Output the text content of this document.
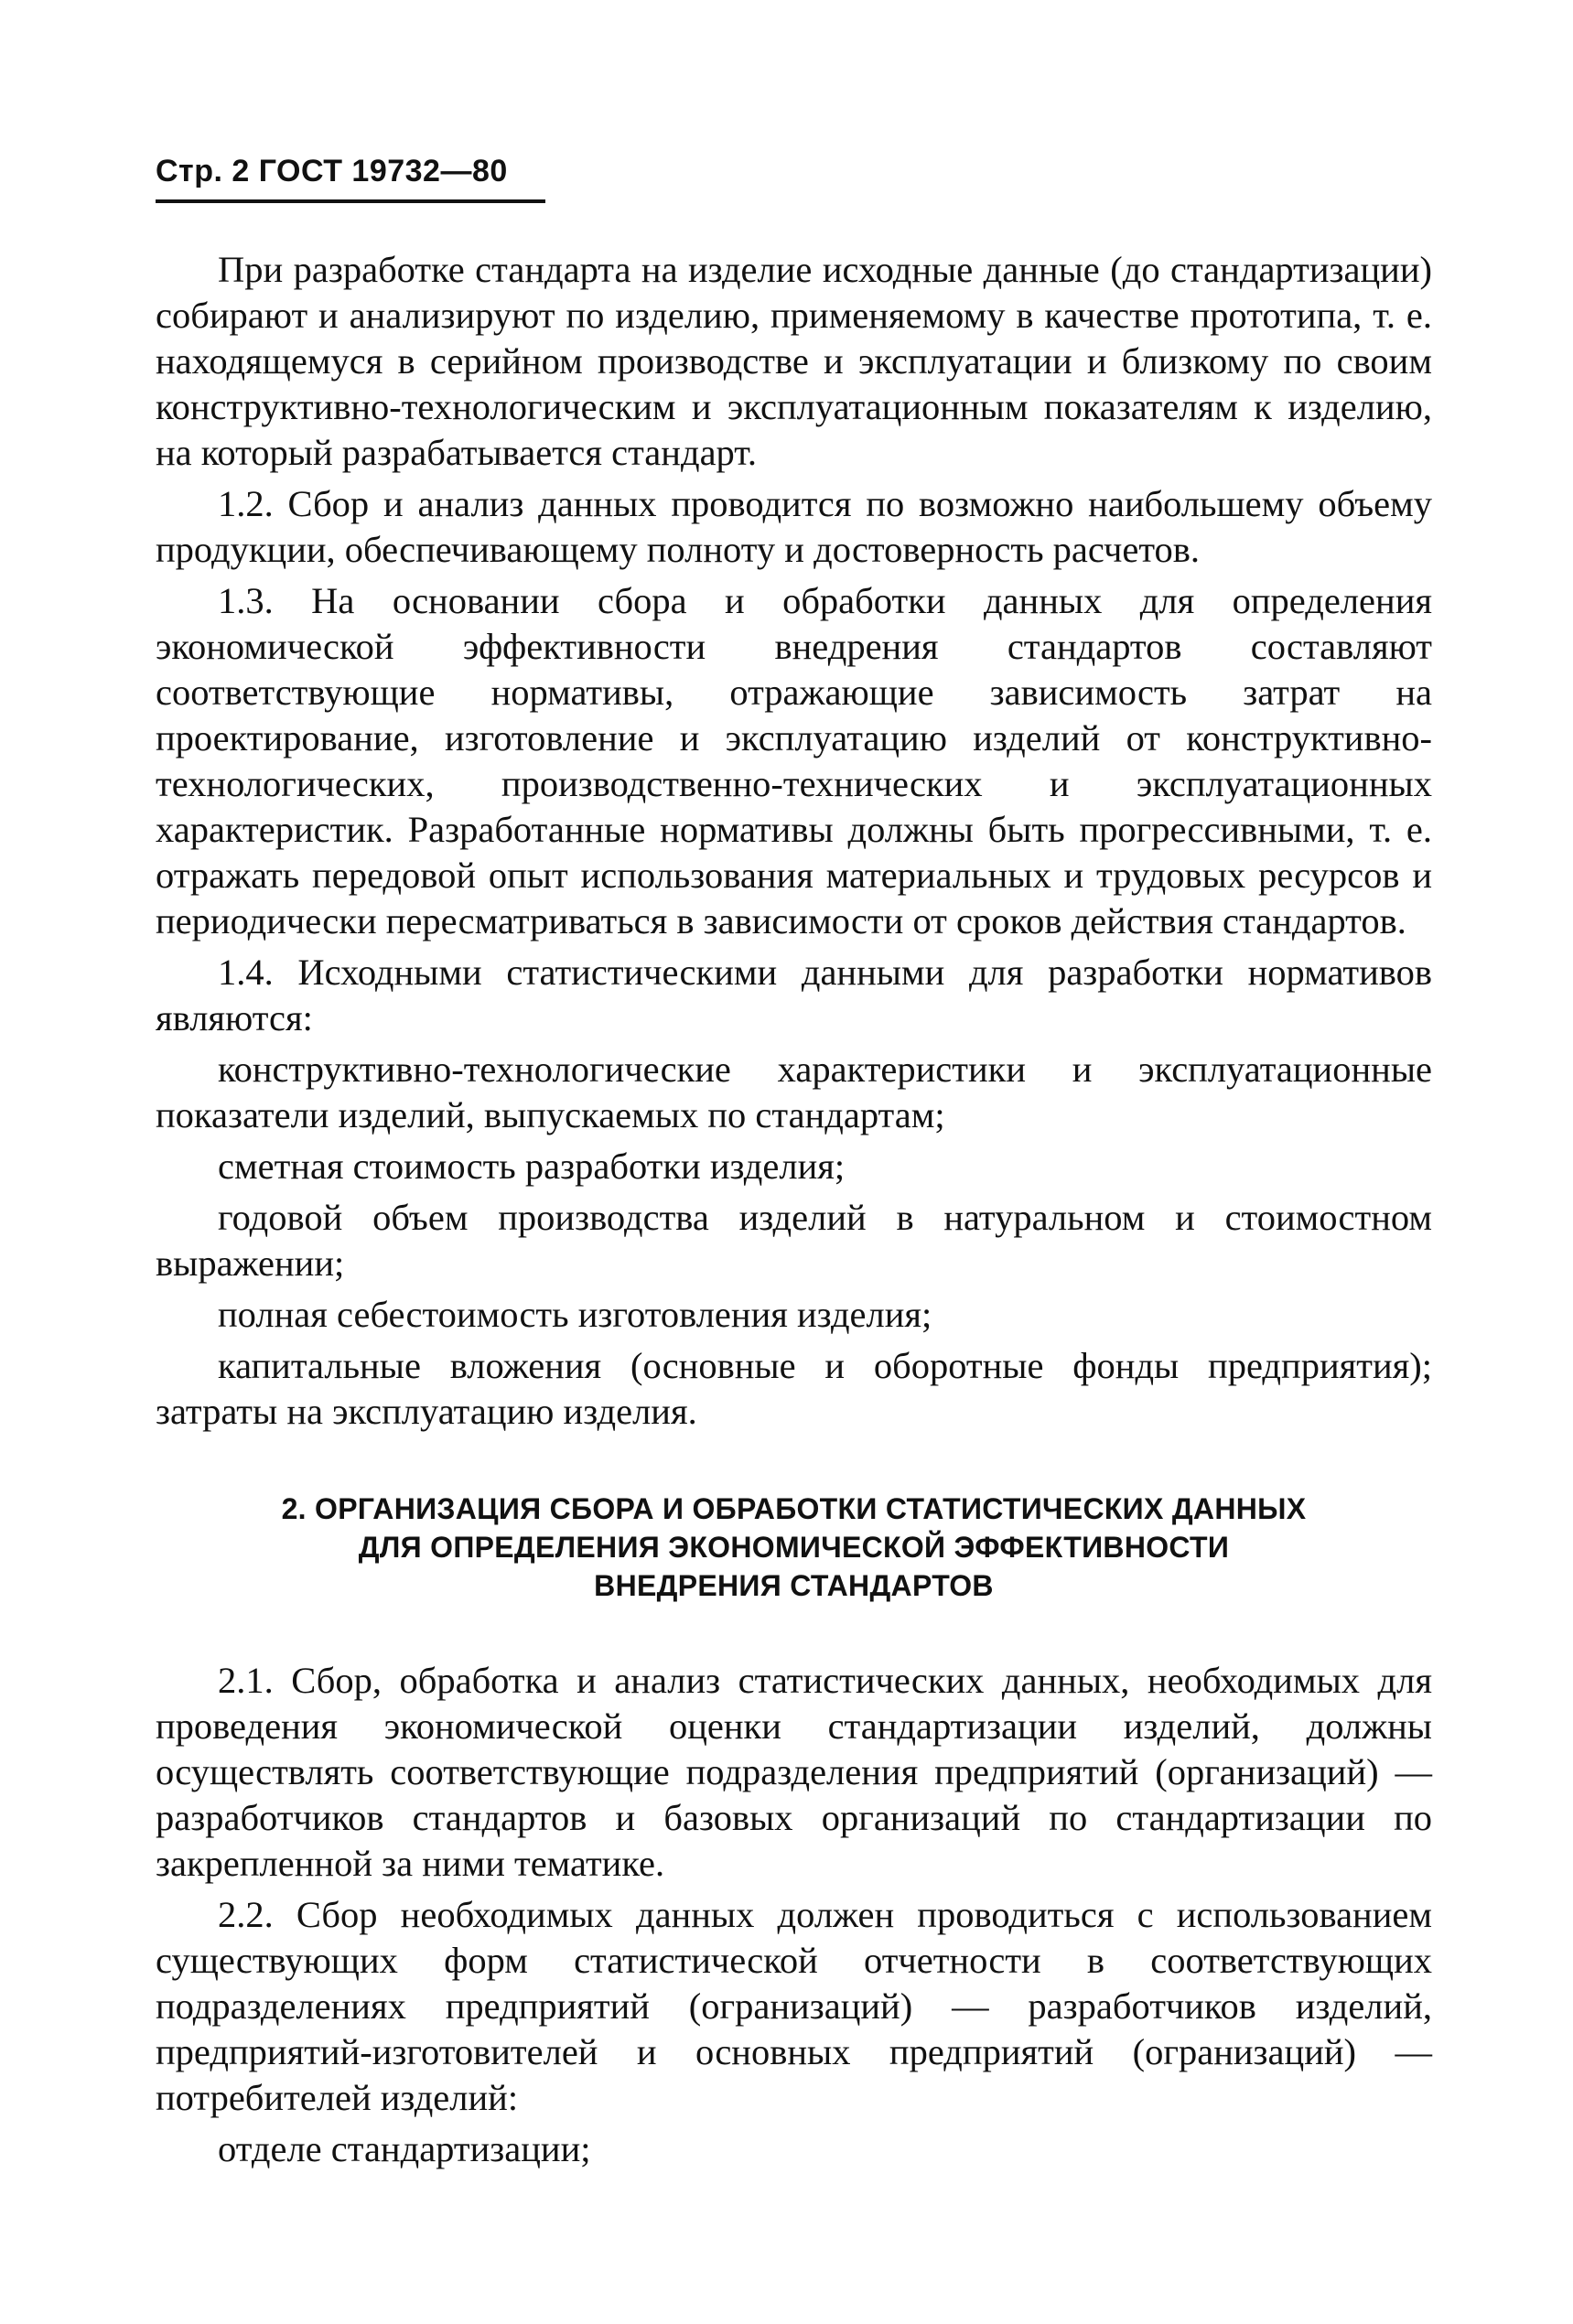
Стр. 2 ГОСТ 19732—80

При разработке стандарта на изделие исходные данные (до стандартизации) собирают и анализируют по изделию, применяемому в качестве прототипа, т. е. находящемуся в серийном производстве и эксплуатации и близкому по своим конструктивно-технологическим и эксплуатационным показателям к изделию, на который разрабатывается стандарт.

1.2. Сбор и анализ данных проводится по возможно наибольшему объему продукции, обеспечивающему полноту и достоверность расчетов.

1.3. На основании сбора и обработки данных для определения экономической эффективности внедрения стандартов составляют соответствующие нормативы, отражающие зависимость затрат на проектирование, изготовление и эксплуатацию изделий от конструктивно-технологических, производственно-технических и эксплуатационных характеристик. Разработанные нормативы должны быть прогрессивными, т. е. отражать передовой опыт использования материальных и трудовых ресурсов и периодически пересматриваться в зависимости от сроков действия стандартов.

1.4. Исходными статистическими данными для разработки нормативов являются:

конструктивно-технологические характеристики и эксплуатационные показатели изделий, выпускаемых по стандартам;

сметная стоимость разработки изделия;

годовой объем производства изделий в натуральном и стоимостном выражении;

полная себестоимость изготовления изделия;

капитальные вложения (основные и оборотные фонды предприятия); затраты на эксплуатацию изделия.

2. ОРГАНИЗАЦИЯ СБОРА И ОБРАБОТКИ СТАТИСТИЧЕСКИХ ДАННЫХ
ДЛЯ ОПРЕДЕЛЕНИЯ ЭКОНОМИЧЕСКОЙ ЭФФЕКТИВНОСТИ
ВНЕДРЕНИЯ СТАНДАРТОВ

2.1. Сбор, обработка и анализ статистических данных, необходимых для проведения экономической оценки стандартизации изделий, должны осуществлять соответствующие подразделения предприятий (организаций) — разработчиков стандартов и базовых организаций по стандартизации по закрепленной за ними тематике.

2.2. Сбор необходимых данных должен проводиться с использованием существующих форм статистической отчетности в соответствующих подразделениях предприятий (огранизаций) — разработчиков изделий, предприятий-изготовителей и основных предприятий (огранизаций) — потребителей изделий:

отделе стандартизации;
